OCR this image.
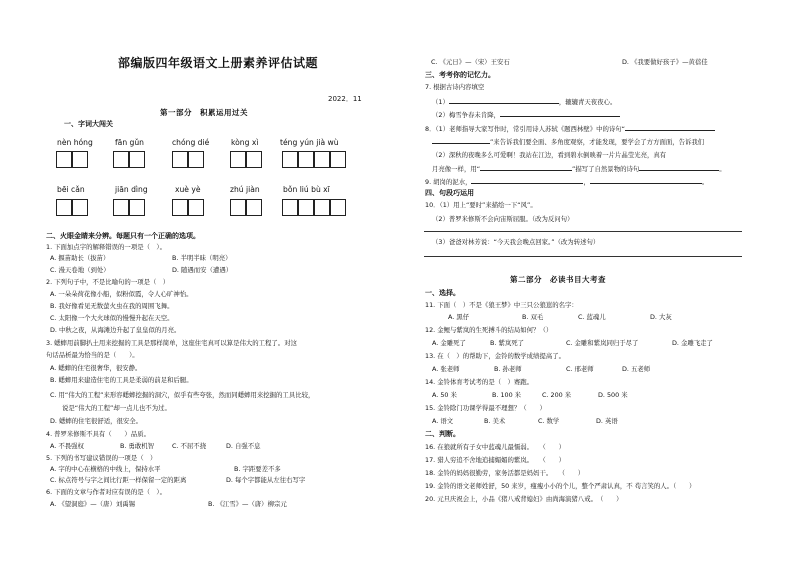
部编版四年级语文上册素养评估试题
2022．11
第一部分　积累运用过关
一、字词大闯关
nèn hóng	fān gǔn	chóng dié	kòng xì	téng yún jià wù
bēi cǎn	jiān dìng	xuè yè	zhú jiàn	bǒn liú bù xī
二、火眼金睛来分辨。每题只有一个正确的选项。
1. 下面加点字的解释错误的一项是（　）。
A. 揠苗助长（拔苗）	B. 半明半昧（明亮）
C. 漫天卷地（到处）	D. 随遇而安（遭遇）
2. 下列句子中，不是比喻句的一项是（　）
A. 一朵朵荷花像小船，似粉似霞，令人心旷神怡。
B. 我好像看见无数萤火虫在我的周围飞舞。
C. 太阳像一个大火球似的慢慢升起在天空。
D. 中秋之夜，从海滩边升起了皇皇似的月亮。
3. 蟋蟀用前脚扒土用来挖掘的工具是那样简单，这座住宅真可以算是伟大的工程了。对这
句话品析最为恰当的是（　　）。
A. 蟋蟀的住宅很奢华，很安静。
B. 蟋蟀用来建造住宅的工具是柔弱的前足和后腿。
C. 用“伟大的工程”来形容蟋蟀挖掘的洞穴，似乎有些夸张，然而同蟋蟀用来挖掘的工具比较，
说是“伟大的工程”却一点儿也不为过。
D. 蟋蟀的住宅很舒适，很安全。
4. 普罗米修斯不具有（　　）品质。
A. 不畏强权	B. 勇敢机智	C. 不屈不挠	D. 自强不息
5. 下列的书写建议错误的一项是（　）
A. 字的中心在横格的中线上，保持水平	B. 字距要差不多
C. 标点符号与字之间比行距一样保留一定的距离	D. 每个字都能从左往右写字
6. 下面的文章与作者对应有误的是（　）。
A. 《望洞庭》—（唐）刘禹锡	B. 《江雪》—（唐）柳宗元
C. 《元日》—（宋）王安石	D. 《我要做好孩子》—黄蓓佳
三、考考你的记忆力。
7. 根据古诗内容填空
（1）	，辘辘青天夜夜心。
（2）梅雪争春未肯降，
8．（1）老师指导大家写作时，常引用诗人苏轼《题西林壁》中的诗句“
”来告诉我们要全面、多角度观察，才能发现，要学会了方方面面，告诉我们
（2）深秋的夜晚多么可爱啊！我站在江边，看到碧水倒映着一片片晶莹光亮，真有
月亮像一样，用“	”描写了自然景物的诗句	。
9. 胡岗的泥水，	，	。
四、句段巧运用
10．（1）用上“要时”来描绘一下“风”。
（2）普罗米修斯不会向宙斯屈服。（改为反问句）
（3）爸爸对林芳说：“今天我会晚点回家。”（改为转述句）
第二部分　必读书目大考查
一、选择。
11. 下面（　）不是《狼王梦》中三只公狼崽的名字：
A. 黑仔	B. 双毛	C. 蓝魂儿	D. 大灰
12. 金鲤与紫岚的生死搏斗的结局如何？（）
A. 金雕死了	B. 紫岚死了	C. 金雕和紫岚同归于尽了	D. 金雕飞走了
13. 在（　）的帮助下，金铃的数学成绩提高了。
A. 张老师	B. 孙老师	C. 邢老师	D. 五老师
14. 金铃体育考试考的是（　）赛跑。
A. 50 米	B. 100 米	C. 200 米	D. 500 米
15. 金铃除门功课学得最不理想？（　　）
A. 语文	B. 美术	C. 数学	D. 英语
二、判断。
16. 在狼就所有子女中蓝魂儿最懦弱。　　（　　）
17. 猎人穷追不舍地追捕媚媚的紫岚。　　（　　）
18. 金铃的妈妈很勤劳，家务活都是妈妈干。　　（　　）
19. 金铃的语文老师姓舒，50 来岁，瘦瘦小小的个儿，整个严肃认真，不 苟言笑的人。（　　）
20. 元旦庆祝会上，小品《猪八戒背媳妇》由尚海演猪八戒。　（　　）
